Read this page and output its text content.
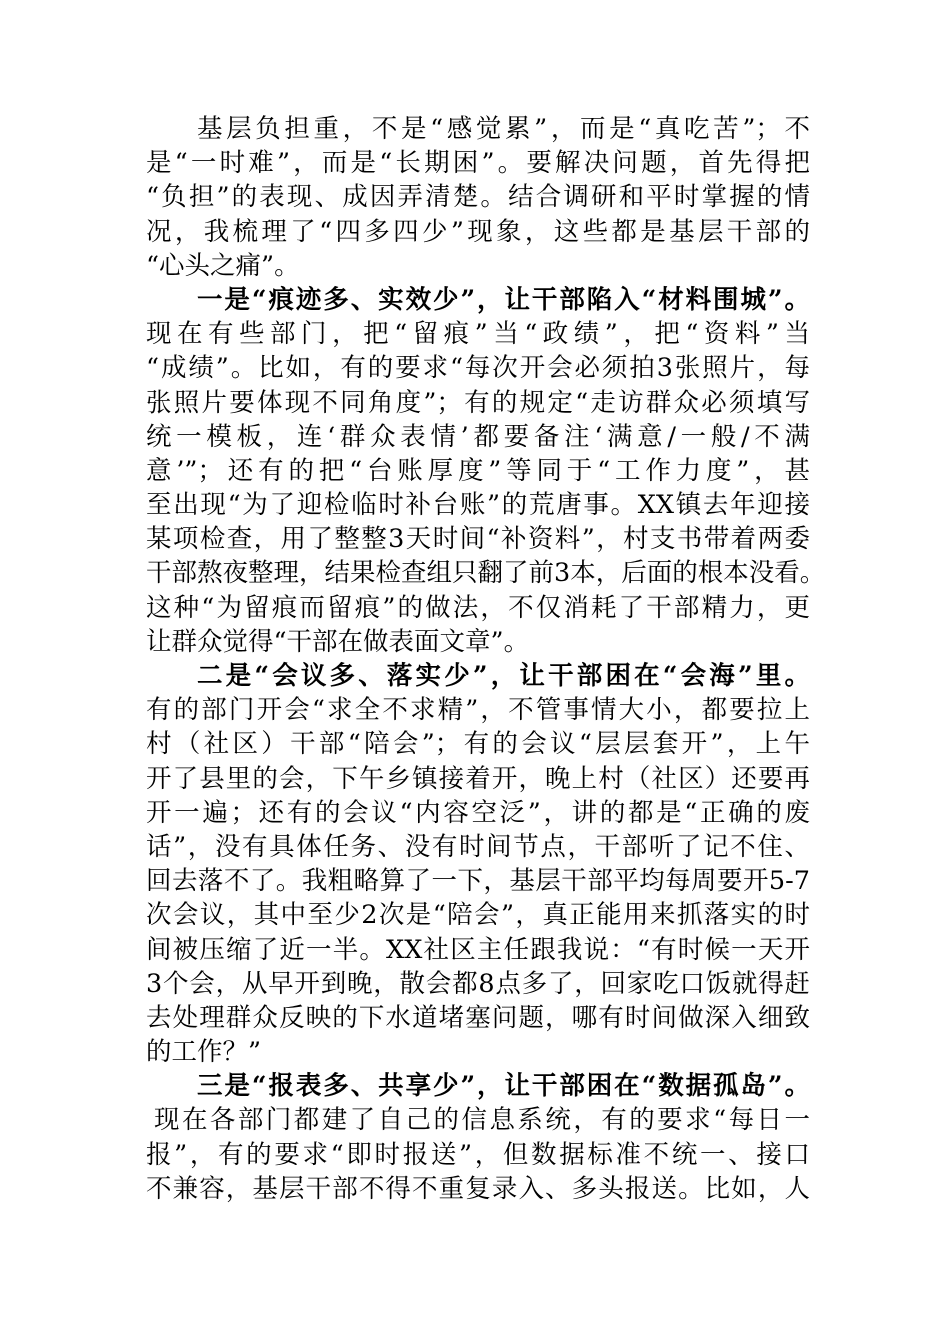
基层负担重，不是“感觉累”，而是“真吃苦”；不
是“一时难”，而是“长期困”。要解决问题，首先得把
“负担”的表现、成因弄清楚。结合调研和平时掌握的情
况，我梳理了“四多四少”现象，这些都是基层干部的
“心头之痛”。
一是“痕迹多、实效少”，让干部陷入“材料围城”。
现在有些部门，把“留痕”当“政绩”，把“资料”当
“成绩”。比如，有的要求“每次开会必须拍3张照片，每
张照片要体现不同角度”；有的规定“走访群众必须填写
统一模板，连‘群众表情’都要备注‘满意/一般/不满
意’”；还有的把“台账厚度”等同于“工作力度”，甚
至出现“为了迎检临时补台账”的荒唐事。XX镇去年迎接
某项检查，用了整整3天时间“补资料”，村支书带着两委
干部熬夜整理，结果检查组只翻了前3本，后面的根本没看。
这种“为留痕而留痕”的做法，不仅消耗了干部精力，更
让群众觉得“干部在做表面文章”。
二是“会议多、落实少”，让干部困在“会海”里。
有的部门开会“求全不求精”，不管事情大小，都要拉上
村（社区）干部“陪会”；有的会议“层层套开”，上午
开了县里的会，下午乡镇接着开，晚上村（社区）还要再
开一遍；还有的会议“内容空泛”，讲的都是“正确的废
话”，没有具体任务、没有时间节点，干部听了记不住、
回去落不了。我粗略算了一下，基层干部平均每周要开5-7
次会议，其中至少2次是“陪会”，真正能用来抓落实的时
间被压缩了近一半。XX社区主任跟我说：“有时候一天开
3个会，从早开到晚，散会都8点多了，回家吃口饭就得赶
去处理群众反映的下水道堵塞问题，哪有时间做深入细致
的工作？”
三是“报表多、共享少”，让干部困在“数据孤岛”。
现在各部门都建了自己的信息系统，有的要求“每日一
报”，有的要求“即时报送”，但数据标准不统一、接口
不兼容，基层干部不得不重复录入、多头报送。比如，人
